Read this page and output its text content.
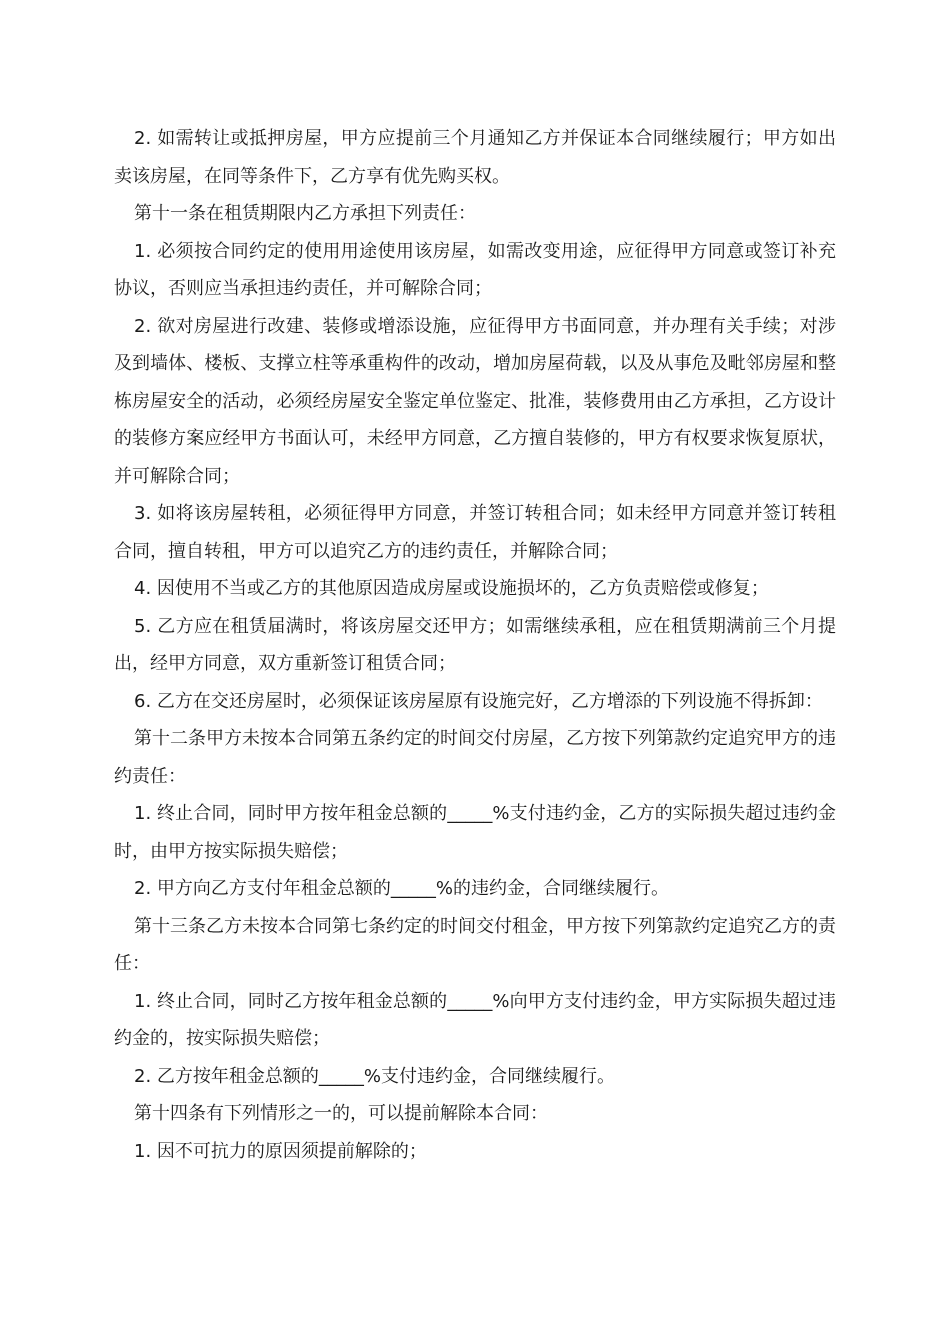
2. 如需转让或抵押房屋，甲方应提前三个月通知乙方并保证本合同继续履行；甲方如出卖该房屋，在同等条件下，乙方享有优先购买权。

第十一条在租赁期限内乙方承担下列责任：

1. 必须按合同约定的使用用途使用该房屋，如需改变用途，应征得甲方同意或签订补充协议，否则应当承担违约责任，并可解除合同；

2. 欲对房屋进行改建、装修或增添设施，应征得甲方书面同意，并办理有关手续；对涉及到墙体、楼板、支撑立柱等承重构件的改动，增加房屋荷载，以及从事危及毗邻房屋和整栋房屋安全的活动，必须经房屋安全鉴定单位鉴定、批准，装修费用由乙方承担，乙方设计的装修方案应经甲方书面认可，未经甲方同意，乙方擅自装修的，甲方有权要求恢复原状，并可解除合同；

3. 如将该房屋转租，必须征得甲方同意，并签订转租合同；如未经甲方同意并签订转租合同，擅自转租，甲方可以追究乙方的违约责任，并解除合同；

4. 因使用不当或乙方的其他原因造成房屋或设施损坏的，乙方负责赔偿或修复；

5. 乙方应在租赁届满时，将该房屋交还甲方；如需继续承租，应在租赁期满前三个月提出，经甲方同意，双方重新签订租赁合同；

6. 乙方在交还房屋时，必须保证该房屋原有设施完好，乙方增添的下列设施不得拆卸：

第十二条甲方未按本合同第五条约定的时间交付房屋，乙方按下列第款约定追究甲方的违约责任：

1. 终止合同，同时甲方按年租金总额的_____%支付违约金，乙方的实际损失超过违约金时，由甲方按实际损失赔偿；

2. 甲方向乙方支付年租金总额的_____%的违约金，合同继续履行。

第十三条乙方未按本合同第七条约定的时间交付租金，甲方按下列第款约定追究乙方的责任：

1. 终止合同，同时乙方按年租金总额的_____%向甲方支付违约金，甲方实际损失超过违约金的，按实际损失赔偿；

2. 乙方按年租金总额的_____%支付违约金，合同继续履行。

第十四条有下列情形之一的，可以提前解除本合同：

1. 因不可抗力的原因须提前解除的；
